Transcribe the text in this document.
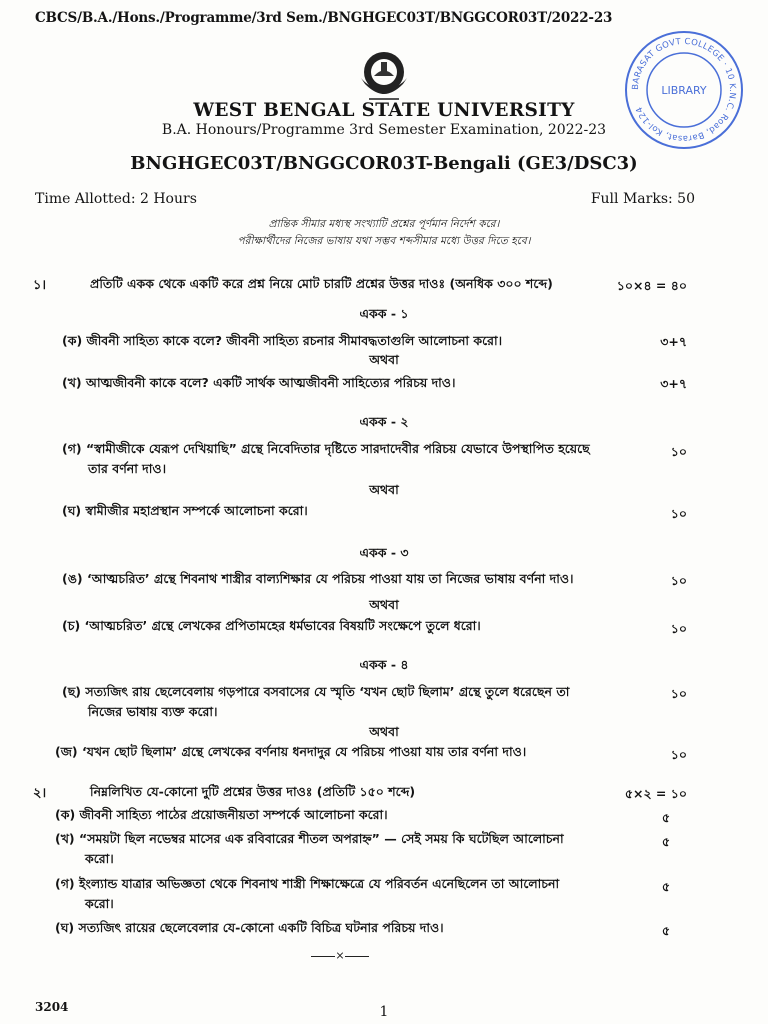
CBCS/B.A./Hons./Programme/3rd Sem./BNGHGEC03T/BNGGCOR03T/2022-23
BARASAT GOVT COLLEGE · 10 K.N.C. Road, Barasat, Kol-124
LIBRARY
WEST BENGAL STATE UNIVERSITY
B.A. Honours/Programme 3rd Semester Examination, 2022-23
BNGHGEC03T/BNGGCOR03T-Bengali (GE3/DSC3)
Time Allotted: 2 Hours	Full Marks: 50
প্রান্তিক সীমার মধ্যস্থ সংখ্যাটি প্রশ্নের পূর্ণমান নির্দেশ করে।
পরীক্ষার্থীদের নিজের ভাষায় যথা সম্ভব শব্দসীমার মধ্যে উত্তর দিতে হবে।
১।	প্রতিটি একক থেকে একটি করে প্রশ্ন নিয়ে মোট চারটি প্রশ্নের উত্তর দাওঃ (অনধিক ৩০০ শব্দে)	১০×৪ = ৪০
একক - ১
(ক) জীবনী সাহিত্য কাকে বলে? জীবনী সাহিত্য রচনার সীমাবদ্ধতাগুলি আলোচনা করো।	৩+৭
অথবা
(খ) আত্মজীবনী কাকে বলে? একটি সার্থক আত্মজীবনী সাহিত্যের পরিচয় দাও।	৩+৭
একক - ২
(গ) “স্বামীজীকে যেরূপ দেখিয়াছি” গ্রন্থে নিবেদিতার দৃষ্টিতে সারদাদেবীর পরিচয় যেভাবে উপস্থাপিত হয়েছে
তার বর্ণনা দাও।
১০
অথবা
(ঘ) স্বামীজীর মহাপ্রস্থান সম্পর্কে আলোচনা করো।	১০
একক - ৩
(ঙ) ‘আত্মচরিত’ গ্রন্থে শিবনাথ শাস্ত্রীর বাল্যশিক্ষার যে পরিচয় পাওয়া যায় তা নিজের ভাষায় বর্ণনা দাও।	১০
অথবা
(চ) ‘আত্মচরিত’ গ্রন্থে লেখকের প্রপিতামহের ধর্মভাবের বিষয়টি সংক্ষেপে তুলে ধরো।	১০
একক - ৪
(ছ) সত্যজিৎ রায় ছেলেবেলায় গড়পারে বসবাসের যে স্মৃতি ‘যখন ছোট ছিলাম’ গ্রন্থে তুলে ধরেছেন তা
নিজের ভাষায় ব্যক্ত করো।
১০
অথবা
(জ) ‘যখন ছোট ছিলাম’ গ্রন্থে লেখকের বর্ণনায় ধনদাদুর যে পরিচয় পাওয়া যায় তার বর্ণনা দাও।	১০
২।	নিম্নলিখিত যে-কোনো দুটি প্রশ্নের উত্তর দাওঃ (প্রতিটি ১৫০ শব্দে)	৫×২ = ১০
(ক) জীবনী সাহিত্য পাঠের প্রয়োজনীয়তা সম্পর্কে আলোচনা করো।	৫
(খ) “সময়টা ছিল নভেম্বর মাসের এক রবিবারের শীতল অপরাহ্ন” — সেই সময় কি ঘটেছিল আলোচনা
করো।
৫
(গ) ইংল্যান্ড যাত্রার অভিজ্ঞতা থেকে শিবনাথ শাস্ত্রী শিক্ষাক্ষেত্রে যে পরিবর্তন এনেছিলেন তা আলোচনা
করো।
৫
(ঘ) সত্যজিৎ রায়ের ছেলেবেলার যে-কোনো একটি বিচিত্র ঘটনার পরিচয় দাও।	৫
×
3204	1
